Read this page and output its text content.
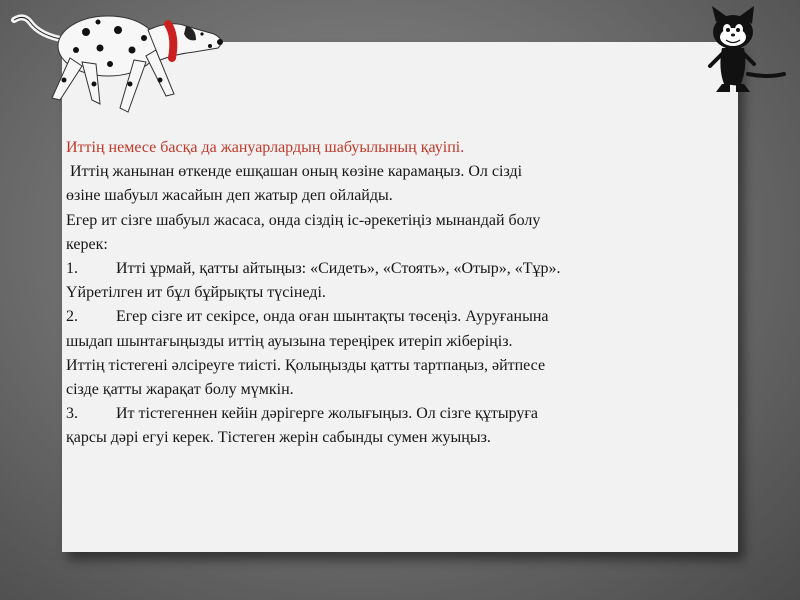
Иттің немесе басқа да жануарлардың шабуылының қауіпі.

Иттің жанынан өткенде ешқашан оның көзіне карамаңыз. Ол сізді

өзіне шабуыл жасайын деп жатыр деп ойлайды.

Егер ит сізге шабуыл жасаса, онда сіздің іс-әрекетіңіз мынандай болу

керек:

1. Итті ұрмай, қатты айтыңыз: «Сидеть», «Стоять», «Отыр», «Тұр».

Үйретілген ит бұл бұйрықты түсінеді.

2. Егер сізге ит секірсе, онда оған шынтақты төсеңіз. Ауруғанына

шыдап шынтағыңызды иттің ауызына тереңірек итеріп жіберіңіз.

Иттің тістегені әлсіреуге тиісті. Қолыңызды қатты тартпаңыз, әйтпесе

сізде қатты жарақат болу мүмкін.

3. Ит тістегеннен кейін дәрігерге жолығыңыз. Ол сізге құтыруға

қарсы дәрі егуі керек. Тістеген жерін сабынды сумен жуыңыз.
